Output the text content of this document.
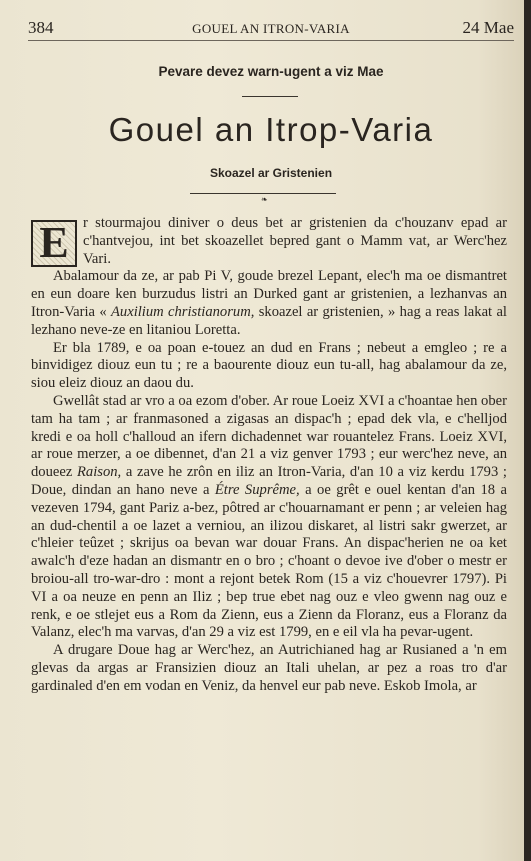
384	GOUEL AN ITRON-VARIA	24 Mae
Pevare devez warn-ugent a viz Mae
Gouel an Itrop-Varia
Skoazel ar Gristenien
❧

E r stourmajou diniver o deus bet ar gristenien da c'houzanv epad ar c'hantvejou, int bet skoazellet bepred gant o Mamm vat, ar Werc'hez Vari.
Abalamour da ze, ar pab Pi V, goude brezel Lepant, elec'h ma oe dismantret en eun doare ken burzudus listri an Durked gant ar gristenien, a lezhanvas an Itron-Varia « Auxilium christianorum, skoazel ar gristenien, » hag a reas lakat al lezhano neve-ze en litaniou Loretta.

Er bla 1789, e oa poan e-touez an dud en Frans ; nebeut a emgleo ; re a binvidigez diouz eun tu ; re a baourente diouz eun tu-all, hag abalamour da ze, siou eleiz diouz an daou du.

Gwellât stad ar vro a oa ezom d'ober. Ar roue Loeiz XVI a c'hoantae hen ober tam ha tam ; ar franmasoned a zigasas an dispac'h ; epad dek vla, e c'helljod kredi e oa holl c'halloud an ifern dichadennet war rouantelez Frans. Loeiz XVI, ar roue merzer, a oe dibennet, d'an 21 a viz genver 1793 ; eur werc'hez neve, an doueez Raison, a zave he zrôn en iliz an Itron-Varia, d'an 10 a viz kerdu 1793 ; Doue, dindan an hano neve a Étre Suprême, a oe grêt e ouel kentan d'an 18 a vezeven 1794, gant Pariz a-bez, pôtred ar c'houarnamant er penn ; ar veleien hag an dud-chentil a oe lazet a verniou, an ilizou diskaret, al listri sakr gwerzet, ar c'hleier teûzet ; skrijus oa bevan war douar Frans. An dispac'herien ne oa ket awalc'h d'eze hadan an dismantr en o bro ; c'hoant o devoe ive d'ober o mestr er broiou-all tro-war-dro : mont a rejont betek Rom (15 a viz c'houevrer 1797). Pi VI a oa neuze en penn an Iliz ; bep true ebet nag ouz e vleo gwenn nag ouz e renk, e oe stlejet eus a Rom da Zienn, eus a Zienn da Floranz, eus a Floranz da Valanz, elec'h ma varvas, d'an 29 a viz est 1799, en e eil vla ha pevar-ugent.

A drugare Doue hag ar Werc'hez, an Autrichianed hag ar Rusianed a 'n em glevas da argas ar Fransizien diouz an Itali uhelan, ar pez a roas tro d'ar gardinaled d'en em vodan en Veniz, da henvel eur pab neve. Eskob Imola, ar
